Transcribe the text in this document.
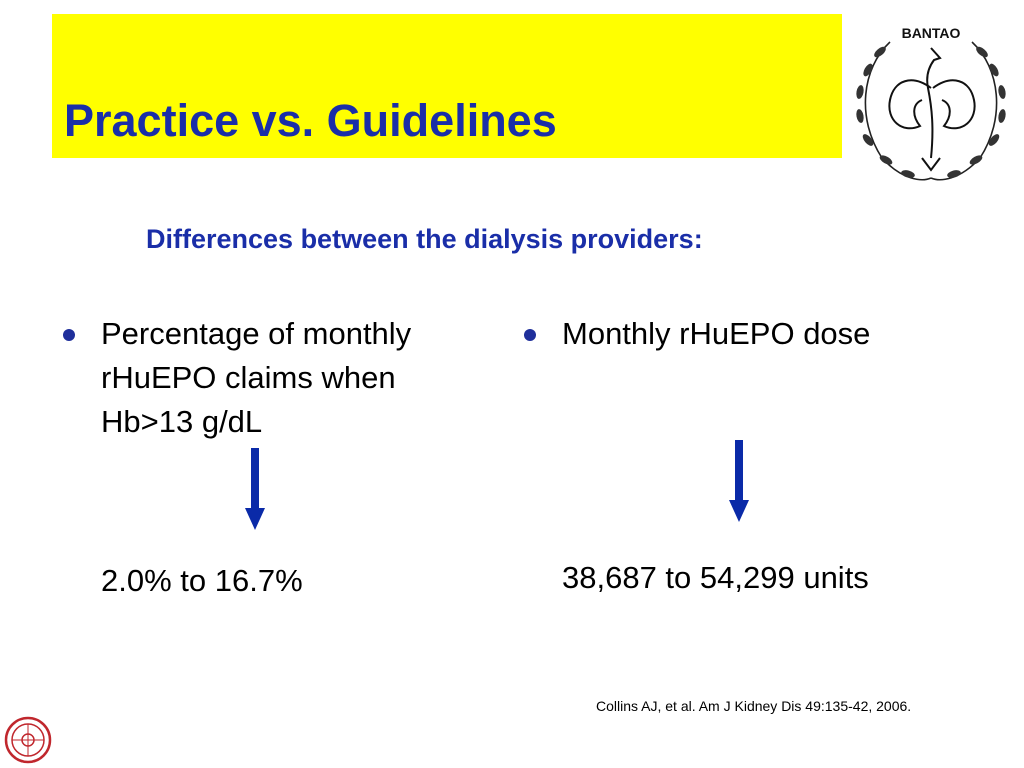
Practice vs. Guidelines
BANTAO
Differences between the dialysis providers:
Percentage of monthly rHuEPO claims when Hb>13 g/dL
2.0% to 16.7%
Monthly rHuEPO dose
38,687 to 54,299 units
Collins AJ, et al. Am J Kidney Dis 49:135-42, 2006.
